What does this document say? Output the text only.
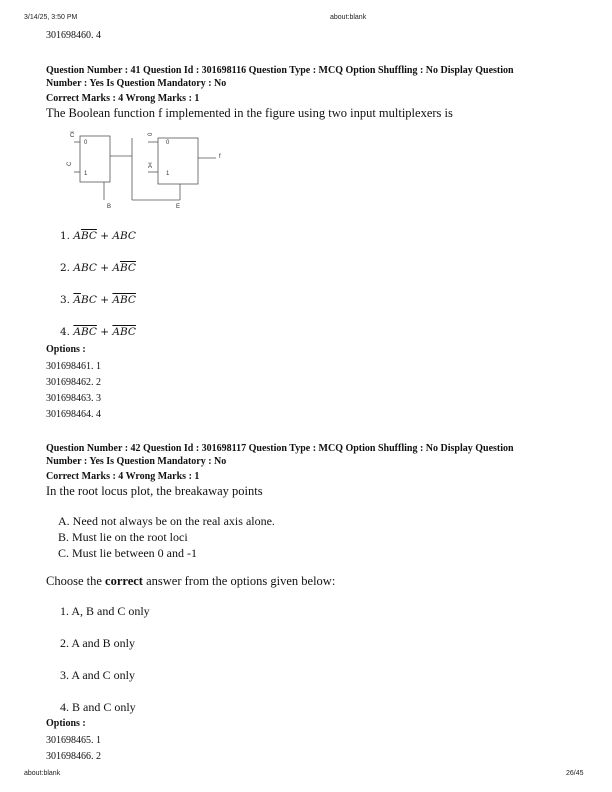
3/14/25, 3:50 PM	about:blank
301698460. 4
Question Number : 41 Question Id : 301698116 Question Type : MCQ Option Shuffling : No Display Question
Number : Yes Is Question Mandatory : No
Correct Marks : 4 Wrong Marks : 1
The Boolean function f implemented in the figure using two input multiplexers is
C
0
C
1
B
0
0
A
1
f
E
1. $A\overline{BC}$ + ABC
2. ABC + $A\overline{BC}$
3. $\overline{A}BC + \overline{A}\overline{BC}$
4. $\overline{ABC} + \overline{A}\overline{BC}$
Options :
301698461. 1
301698462. 2
301698463. 3
301698464. 4
Question Number : 42 Question Id : 301698117 Question Type : MCQ Option Shuffling : No Display Question
Number : Yes Is Question Mandatory : No
Correct Marks : 4 Wrong Marks : 1
In the root locus plot, the breakaway points
A. Need not always be on the real axis alone.
B. Must lie on the root loci
C. Must lie between 0 and -1
Choose the correct answer from the options given below:
1. A, B and C only
2. A and B only
3. A and C only
4. B and C only
Options :
301698465. 1
301698466. 2
about:blank	26/45
